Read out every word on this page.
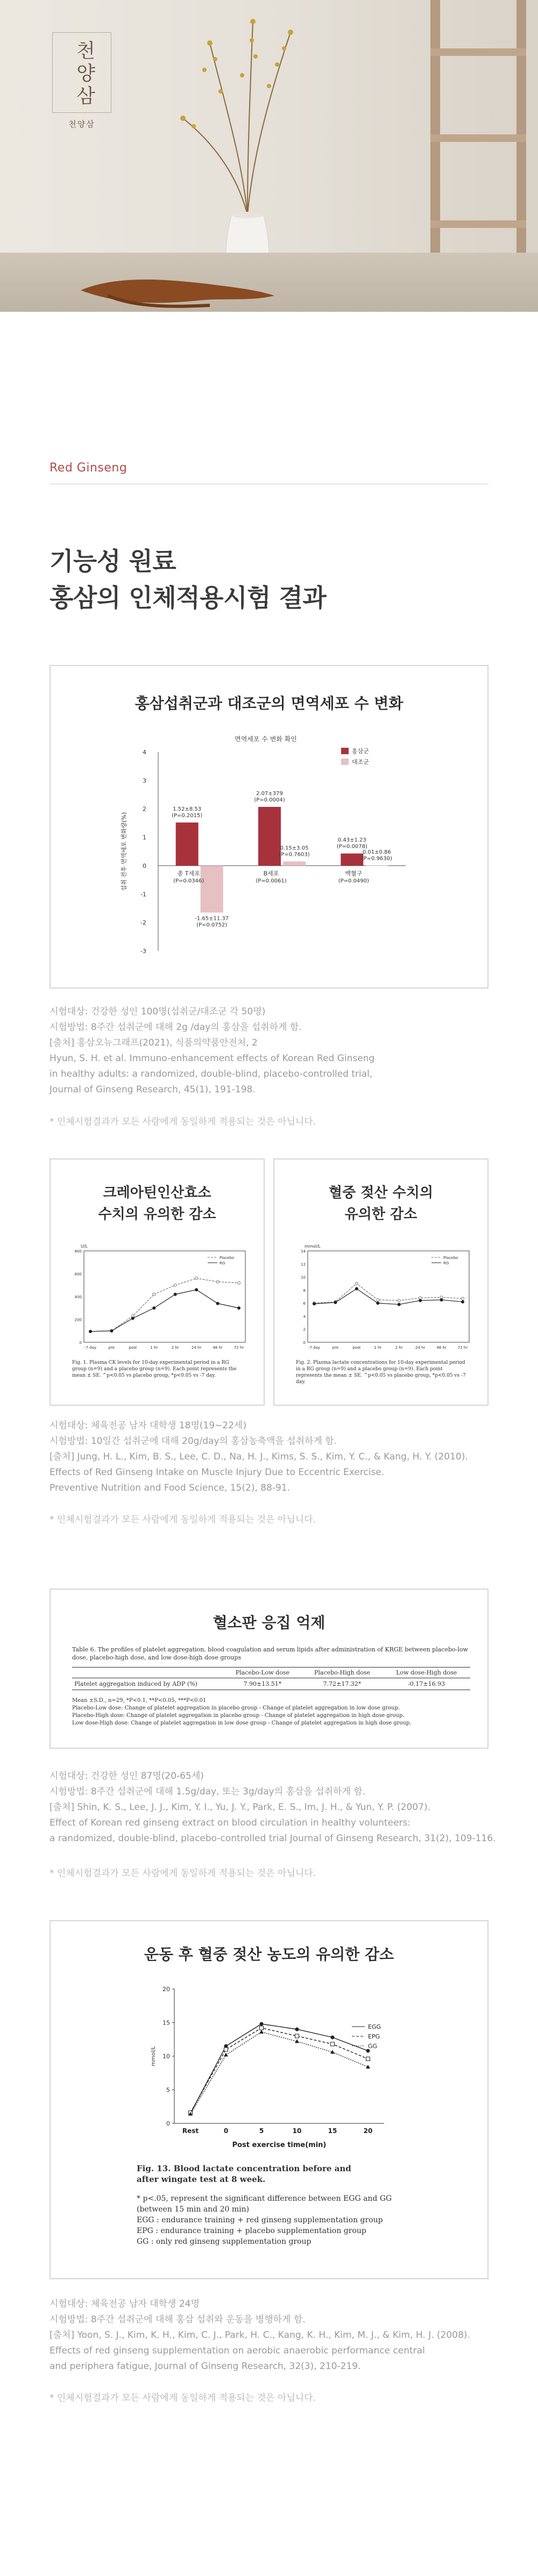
천양삼
천양삼
Red Ginseng
기능성 원료
홍삼의 인체적용시험 결과
홍삼섭취군과 대조군의 면역세포 수 변화
면역세포 수 변화 확인
4
3
2
1
0
-1
-2
-3
섭취 전후 면역세포 변화량(%)
홍삼군
대조군
1.52±8.53
(P=0.2015)
-1.65±11.37
(P=0.0752)
총 T세포
(P=0.0346)
2.07±379
(P=0.0004)
0.15±3.05
(P=0.7603)
B세포
(P=0.0061)
0.43±1.23
(P=0.0078)
0.01±0.86
(P=0.9630)
백혈구
(P=0.0490)
시험대상: 건강한 성인 100명(섭취군/대조군 각 50명)
시험방법: 8주간 섭취군에 대해 2g /day의 홍삼을 섭취하게 함.
[출처] 홍삼오뉴그래프(2021), 식품의약품안전처, 2
Hyun, S. H. et al. Immuno-enhancement effects of Korean Red Ginseng
in healthy adults: a randomized, double-blind, placebo-controlled trial,
Journal of Ginseng Research, 45(1), 191-198.
* 인체시험결과가 모든 사람에게 동일하게 적용되는 것은 아닙니다.
크레아틴인산효소
수치의 유의한 감소
U/L
800
600
400
200
0
-7 day	pre	post	1 hr	2 hr	24 hr	48 hr	72 hr
Placebo
RG
Fig. 1. Plasma CK levels for 10-day experimental period in a RG group (n=9) and a placebo group (n=9). Each point represents the mean ± SE. ^p<0.05 vs placebo group, *p<0.05 vs -7 day.
혈중 젖산 수치의
유의한 감소
mmol/L
14
12
10
8
6
4
2
0
-7 day	pre	post	1 hr	2 hr	24 hr	48 hr	72 hr
Placebo
RG
Fig. 2. Plasma lactate concentrations for 10-day experimental period in a RG group (n=9) and a placebo group (n=9). Each point represents the mean ± SE. ^p<0.05 vs placebo group, *p<0.05 vs -7 day.
시험대상: 체육전공 남자 대학생 18명(19~22세)
시험방법: 10일간 섭취군에 대해 20g/day의 홍삼농축액을 섭취하게 함.
[출처] Jung, H. L., Kim, B. S., Lee, C. D., Na, H. J., Kims, S. S., Kim, Y. C., & Kang, H. Y. (2010).
Effects of Red Ginseng Intake on Muscle Injury Due to Eccentric Exercise.
Preventive Nutrition and Food Science, 15(2), 88-91.
* 인체시험결과가 모든 사람에게 동일하게 적용되는 것은 아닙니다.
혈소판 응집 억제
Table 6. The profiles of platelet aggregation, blood coagulation and serum lipids after administration of KRGE between placebo-low dose, placebo-high dose, and low dose-high dose groups
	Placebo-Low dose	Placebo-High dose	Low dose-High dose
Platelet aggregation induced by ADP (%)	7.90±13.51*	7.72±17.32*	-0.17±16.93
Mean ±S.D., n=29, *P<0.1, **P<0.05, ***P<0.01
Placebo-Low dose: Change of platelet aggregation in placebo group - Change of platelet aggregation in low dose group.
Placebo-High dose: Change of platelet aggregation in placebo group - Change of platelet aggregation in high dose group.
Low dose-High dose: Change of platelet aggregation in low dose group - Change of platelet aggregation in high dose group.
시험대상: 건강한 성인 87명(20-65세)
시험방법: 8주간 섭취군에 대해 1.5g/day, 또는 3g/day의 홍삼을 섭취하게 함.
[출처] Shin, K. S., Lee, J. J., Kim, Y. I., Yu, J. Y., Park, E. S., Im, J. H., & Yun, Y. P. (2007).
Effect of Korean red ginseng extract on blood circulation in healthy volunteers:
a randomized, double-blind, placebo-controlled trial Journal of Ginseng Research, 31(2), 109-116.
* 인체시험결과가 모든 사람에게 동일하게 적용되는 것은 아닙니다.
운동 후 혈중 젖산 농도의 유의한 감소
20
15
10
5
0
mmol/L
Rest	0	5	10	15	20
Post exercise time(min)
EGG
EPG
GG
Fig. 13. Blood lactate concentration before and after wingate test at 8 week.
* p<.05, represent the significant difference between EGG and GG (between 15 min and 20 min)
EGG : endurance training + red ginseng supplementation group
EPG : endurance training + placebo supplementation group
GG : only red ginseng supplementation group
시험대상: 체육전공 남자 대학생 24명
시험방법: 8주간 섭취군에 대해 홍삼 섭취와 운동을 병행하게 함.
[출처] Yoon, S. J., Kim, K. H., Kim, C. J., Park, H. C., Kang, K. H., Kim, M. J., & Kim, H. J. (2008).
Effects of red ginseng supplementation on aerobic anaerobic performance central
and periphera fatigue, Journal of Ginseng Research, 32(3), 210-219.
* 인체시험결과가 모든 사람에게 동일하게 적용되는 것은 아닙니다.
